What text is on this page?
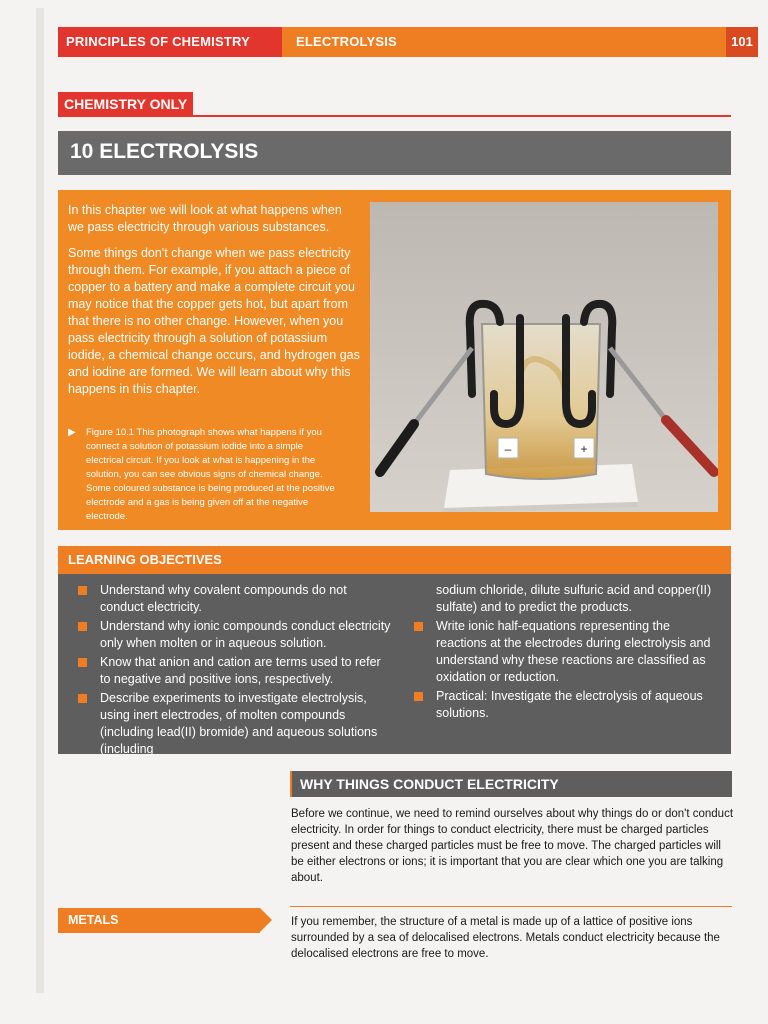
PRINCIPLES OF CHEMISTRY	ELECTROLYSIS	101
CHEMISTRY ONLY
10 ELECTROLYSIS

In this chapter we will look at what happens when we pass electricity through various substances.

Some things don't change when we pass electricity through them. For example, if you attach a piece of copper to a battery and make a complete circuit you may notice that the copper gets hot, but apart from that there is no other change. However, when you pass electricity through a solution of potassium iodide, a chemical change occurs, and hydrogen gas and iodine are formed. We will learn about why this happens in this chapter.

▶ Figure 10.1 This photograph shows what happens if you connect a solution of potassium iodide into a simple electrical circuit. If you look at what is happening in the solution, you can see obvious signs of chemical change. Some coloured substance is being produced at the positive electrode and a gas is being given off at the negative electrode.
–	+
LEARNING OBJECTIVES
Understand why covalent compounds do not conduct electricity.
Understand why ionic compounds conduct electricity only when molten or in aqueous solution.
Know that anion and cation are terms used to refer to negative and positive ions, respectively.
Describe experiments to investigate electrolysis, using inert electrodes, of molten compounds (including lead(II) bromide) and aqueous solutions (including
sodium chloride, dilute sulfuric acid and copper(II) sulfate) and to predict the products.
Write ionic half-equations representing the reactions at the electrodes during electrolysis and understand why these reactions are classified as oxidation or reduction.
Practical: Investigate the electrolysis of aqueous solutions.
WHY THINGS CONDUCT ELECTRICITY
Before we continue, we need to remind ourselves about why things do or don't conduct electricity. In order for things to conduct electricity, there must be charged particles present and these charged particles must be free to move. The charged particles will be either electrons or ions; it is important that you are clear which one you are talking about.
METALS	If you remember, the structure of a metal is made up of a lattice of positive ions surrounded by a sea of delocalised electrons. Metals conduct electricity because the delocalised electrons are free to move.
